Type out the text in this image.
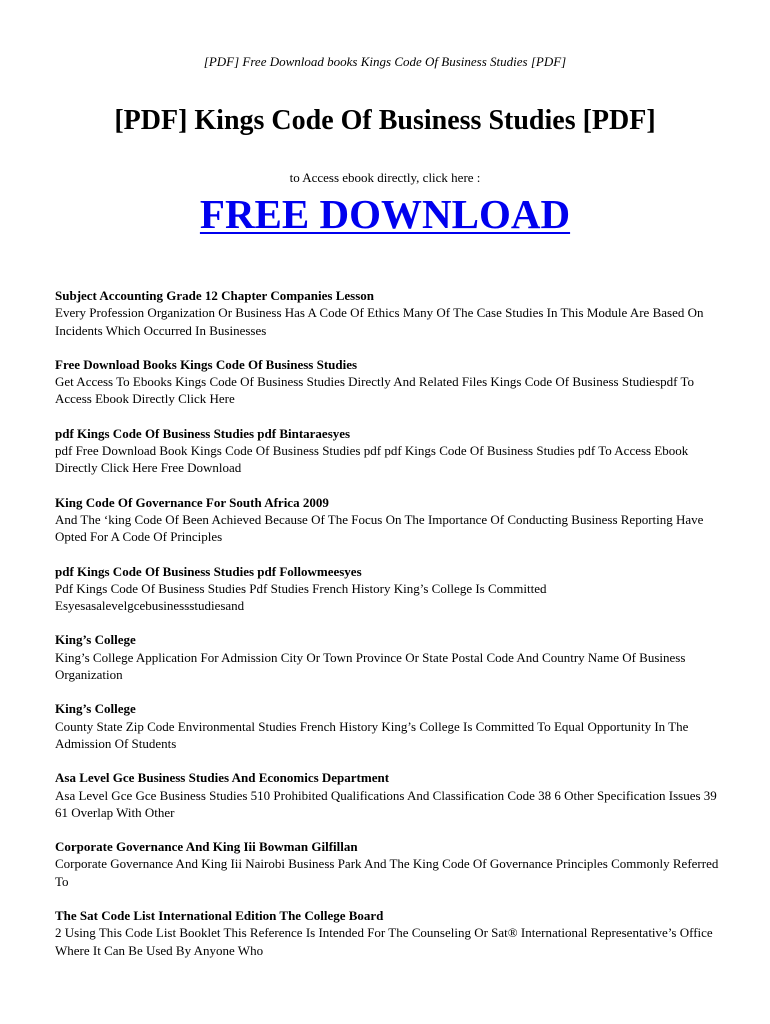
[PDF] Free Download books Kings Code Of Business Studies [PDF]
[PDF] Kings Code Of Business Studies [PDF]
to Access ebook directly, click here :
FREE DOWNLOAD
Subject Accounting Grade 12 Chapter Companies Lesson
Every Profession Organization Or Business Has A Code Of Ethics Many Of The Case Studies In This Module Are Based On Incidents Which Occurred In Businesses
Free Download Books Kings Code Of Business Studies
Get Access To Ebooks Kings Code Of Business Studies Directly And Related Files Kings Code Of Business Studiespdf To Access Ebook Directly Click Here
pdf Kings Code Of Business Studies pdf Bintaraesyes
pdf Free Download Book Kings Code Of Business Studies pdf pdf Kings Code Of Business Studies pdf To Access Ebook Directly Click Here Free Download
King Code Of Governance For South Africa 2009
And The ‘king Code Of Been Achieved Because Of The Focus On The Importance Of Conducting Business Reporting Have Opted For A Code Of Principles
pdf Kings Code Of Business Studies pdf Followmeesyes
Pdf Kings Code Of Business Studies Pdf Studies French History King’s College Is Committed Esyesasalevelgcebusinessstudiesand
King’s College
King’s College Application For Admission City Or Town Province Or State Postal Code And Country Name Of Business Organization
King’s College
County State Zip Code Environmental Studies French History King’s College Is Committed To Equal Opportunity In The Admission Of Students
Asa Level Gce Business Studies And Economics Department
Asa Level Gce Gce Business Studies 510 Prohibited Qualifications And Classification Code 38 6 Other Specification Issues 39 61 Overlap With Other
Corporate Governance And King Iii Bowman Gilfillan
Corporate Governance And King Iii Nairobi Business Park And The King Code Of Governance Principles Commonly Referred To
The Sat Code List International Edition The College Board
2 Using This Code List Booklet This Reference Is Intended For The Counseling Or Sat® International Representative’s Office Where It Can Be Used By Anyone Who
